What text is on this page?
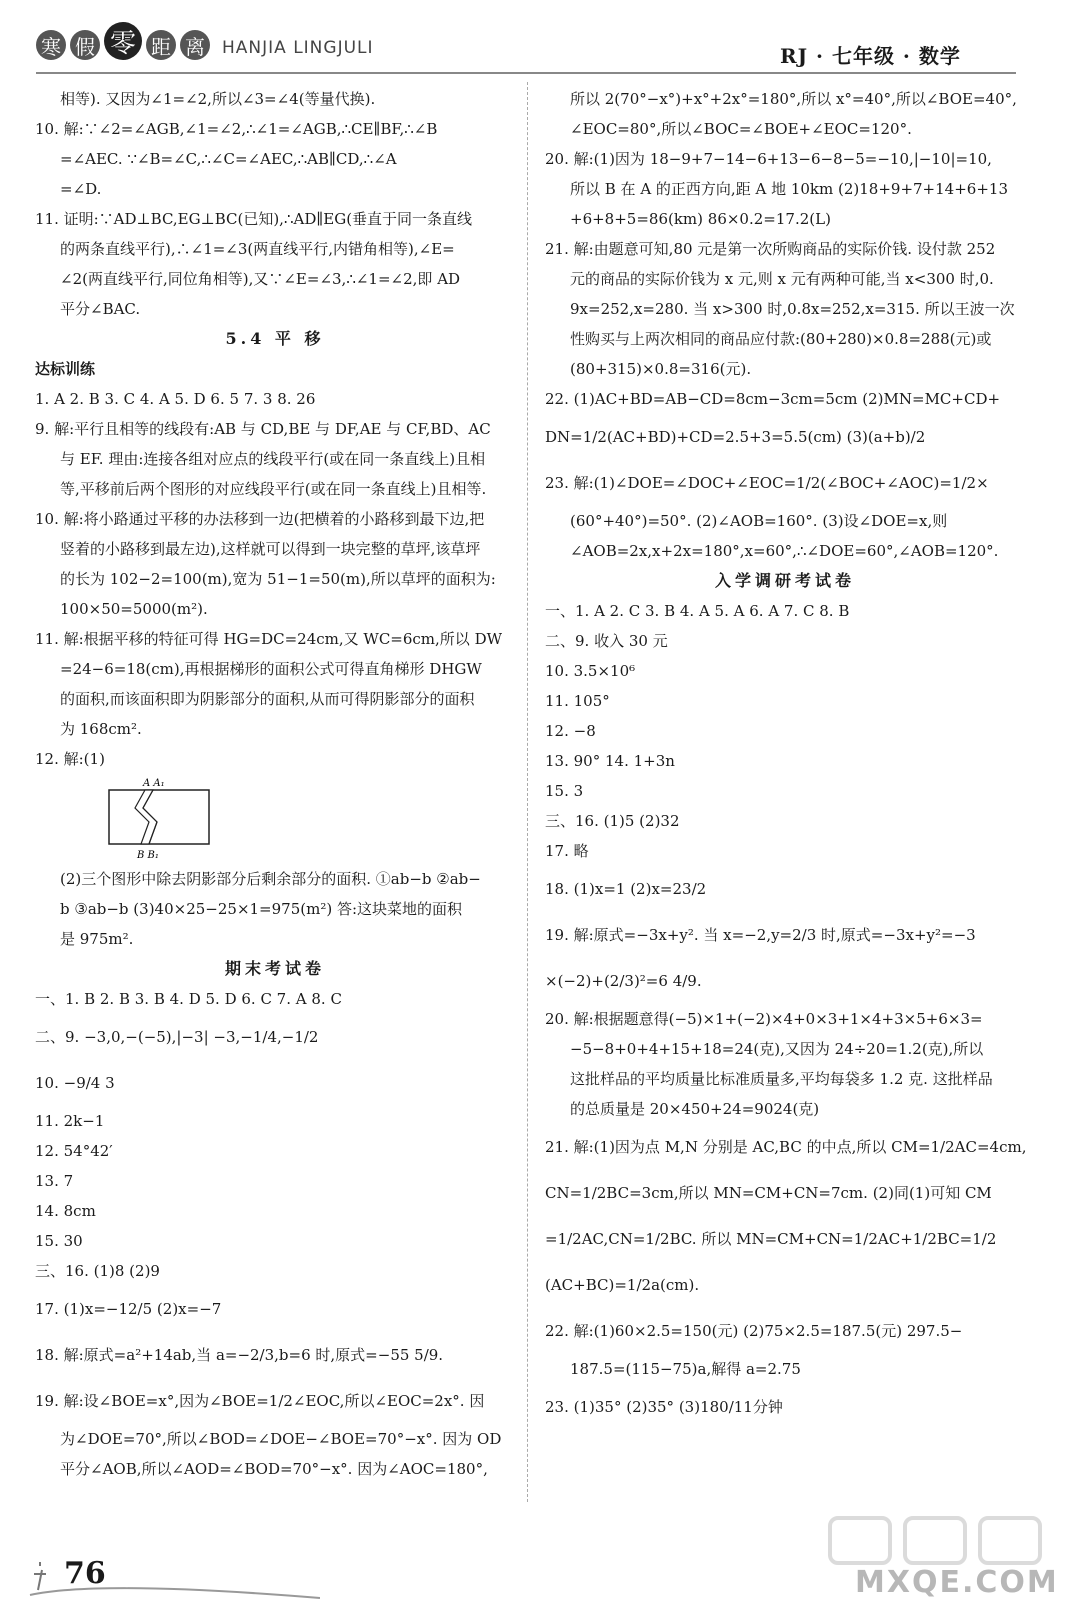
寒 假 零 距 离 HANJIA LINGJULI	RJ · 七年级 · 数学
相等). 又因为∠1=∠2,所以∠3=∠4(等量代换).
10. 解:∵∠2=∠AGB,∠1=∠2,∴∠1=∠AGB,∴CE∥BF,∴∠B
=∠AEC. ∵∠B=∠C,∴∠C=∠AEC,∴AB∥CD,∴∠A
=∠D.
11. 证明:∵AD⊥BC,EG⊥BC(已知),∴AD∥EG(垂直于同一条直线
的两条直线平行),∴∠1=∠3(两直线平行,内错角相等),∠E=
∠2(两直线平行,同位角相等),又∵∠E=∠3,∴∠1=∠2,即 AD
平分∠BAC.
5.4 平 移
达标训练
1. A 2. B 3. C 4. A 5. D 6. 5 7. 3 8. 26
9. 解:平行且相等的线段有:AB 与 CD,BE 与 DF,AE 与 CF,BD、AC
与 EF. 理由:连接各组对应点的线段平行(或在同一条直线上)且相
等,平移前后两个图形的对应线段平行(或在同一条直线上)且相等.
10. 解:将小路通过平移的办法移到一边(把横着的小路移到最下边,把
竖着的小路移到最左边),这样就可以得到一块完整的草坪,该草坪
的长为 102−2=100(m),宽为 51−1=50(m),所以草坪的面积为:
100×50=5000(m²).
11. 解:根据平移的特征可得 HG=DC=24cm,又 WC=6cm,所以 DW
=24−6=18(cm),再根据梯形的面积公式可得直角梯形 DHGW
的面积,而该面积即为阴影部分的面积,从而可得阴影部分的面积
为 168cm².
12. 解:(1)
A A₁
B B₁
(2)三个图形中除去阴影部分后剩余部分的面积. ①ab−b ②ab−
b ③ab−b (3)40×25−25×1=975(m²) 答:这块菜地的面积
是 975m².
期末考试卷
一、1. B 2. B 3. B 4. D 5. D 6. C 7. A 8. C
二、9. −3,0,−(−5),|−3| −3,−1/4,−1/2
10. −9/4 3
11. 2k−1
12. 54°42′
13. 7
14. 8cm
15. 30
三、16. (1)8 (2)9
17. (1)x=−12/5 (2)x=−7
18. 解:原式=a²+14ab,当 a=−2/3,b=6 时,原式=−55 5/9.
19. 解:设∠BOE=x°,因为∠BOE=1/2∠EOC,所以∠EOC=2x°. 因
为∠DOE=70°,所以∠BOD=∠DOE−∠BOE=70°−x°. 因为 OD
平分∠AOB,所以∠AOD=∠BOD=70°−x°. 因为∠AOC=180°,
所以 2(70°−x°)+x°+2x°=180°,所以 x°=40°,所以∠BOE=40°,
∠EOC=80°,所以∠BOC=∠BOE+∠EOC=120°.
20. 解:(1)因为 18−9+7−14−6+13−6−8−5=−10,|−10|=10,
所以 B 在 A 的正西方向,距 A 地 10km (2)18+9+7+14+6+13
+6+8+5=86(km) 86×0.2=17.2(L)
21. 解:由题意可知,80 元是第一次所购商品的实际价钱. 设付款 252
元的商品的实际价钱为 x 元,则 x 元有两种可能,当 x<300 时,0.
9x=252,x=280. 当 x>300 时,0.8x=252,x=315. 所以王波一次
性购买与上两次相同的商品应付款:(80+280)×0.8=288(元)或
(80+315)×0.8=316(元).
22. (1)AC+BD=AB−CD=8cm−3cm=5cm (2)MN=MC+CD+
DN=1/2(AC+BD)+CD=2.5+3=5.5(cm) (3)(a+b)/2
23. 解:(1)∠DOE=∠DOC+∠EOC=1/2(∠BOC+∠AOC)=1/2×
(60°+40°)=50°. (2)∠AOB=160°. (3)设∠DOE=x,则
∠AOB=2x,x+2x=180°,x=60°,∴∠DOE=60°,∠AOB=120°.
入学调研考试卷
一、1. A 2. C 3. B 4. A 5. A 6. A 7. C 8. B
二、9. 收入 30 元
10. 3.5×10⁶
11. 105°
12. −8
13. 90° 14. 1+3n
15. 3
三、16. (1)5 (2)32
17. 略
18. (1)x=1 (2)x=23/2
19. 解:原式=−3x+y². 当 x=−2,y=2/3 时,原式=−3x+y²=−3
×(−2)+(2/3)²=6 4/9.
20. 解:根据题意得(−5)×1+(−2)×4+0×3+1×4+3×5+6×3=
−5−8+0+4+15+18=24(克),又因为 24÷20=1.2(克),所以
这批样品的平均质量比标准质量多,平均每袋多 1.2 克. 这批样品
的总质量是 20×450+24=9024(克)
21. 解:(1)因为点 M,N 分别是 AC,BC 的中点,所以 CM=1/2AC=4cm,
CN=1/2BC=3cm,所以 MN=CM+CN=7cm. (2)同(1)可知 CM
=1/2AC,CN=1/2BC. 所以 MN=CM+CN=1/2AC+1/2BC=1/2
(AC+BC)=1/2a(cm).
22. 解:(1)60×2.5=150(元) (2)75×2.5=187.5(元) 297.5−
187.5=(115−75)a,解得 a=2.75
23. (1)35° (2)35° (3)180/11分钟
76	MXQE.COM
